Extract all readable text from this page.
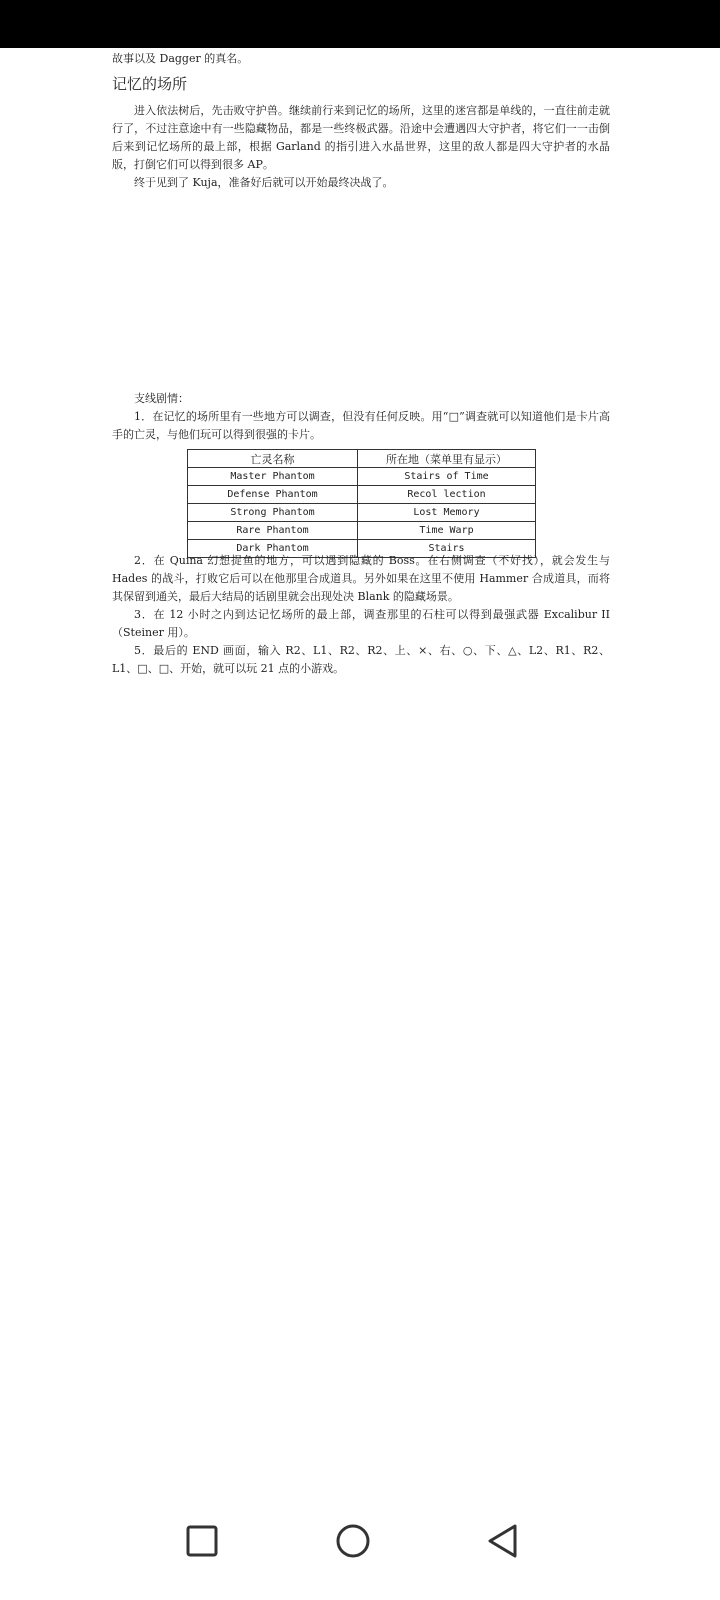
故事以及 Dagger 的真名。
记忆的场所

进入依法树后，先击败守护兽。继续前行来到记忆的场所，这里的迷宫都是单线的，一直往前走就行了，不过注意途中有一些隐藏物品，都是一些终极武器。沿途中会遭遇四大守护者，将它们一一击倒后来到记忆场所的最上部，根据 Garland 的指引进入水晶世界，这里的敌人都是四大守护者的水晶版，打倒它们可以得到很多 AP。

终于见到了 Kuja，准备好后就可以开始最终决战了。

支线剧情：

1．在记忆的场所里有一些地方可以调查，但没有任何反映。用“□”调查就可以知道他们是卡片高手的亡灵，与他们玩可以得到很强的卡片。

亡灵名称	所在地（菜单里有显示）
Master Phantom	Stairs of Time
Defense Phantom	Recol lection
Strong Phantom	Lost Memory
Rare Phantom	Time Warp
Dark Phantom	Stairs

2．在 Quina 幻想捉鱼的地方，可以遇到隐藏的 Boss。在右侧调查（不好找），就会发生与 Hades 的战斗，打败它后可以在他那里合成道具。另外如果在这里不使用 Hammer 合成道具，而将其保留到通关，最后大结局的话剧里就会出现处决 Blank 的隐藏场景。

3．在 12 小时之内到达记忆场所的最上部，调查那里的石柱可以得到最强武器 Excalibur II（Steiner 用）。

5．最后的 END 画面，输入 R2、L1、R2、R2、上、×、右、○、下、△、L2、R1、R2、L1、□、□、开始，就可以玩 21 点的小游戏。
